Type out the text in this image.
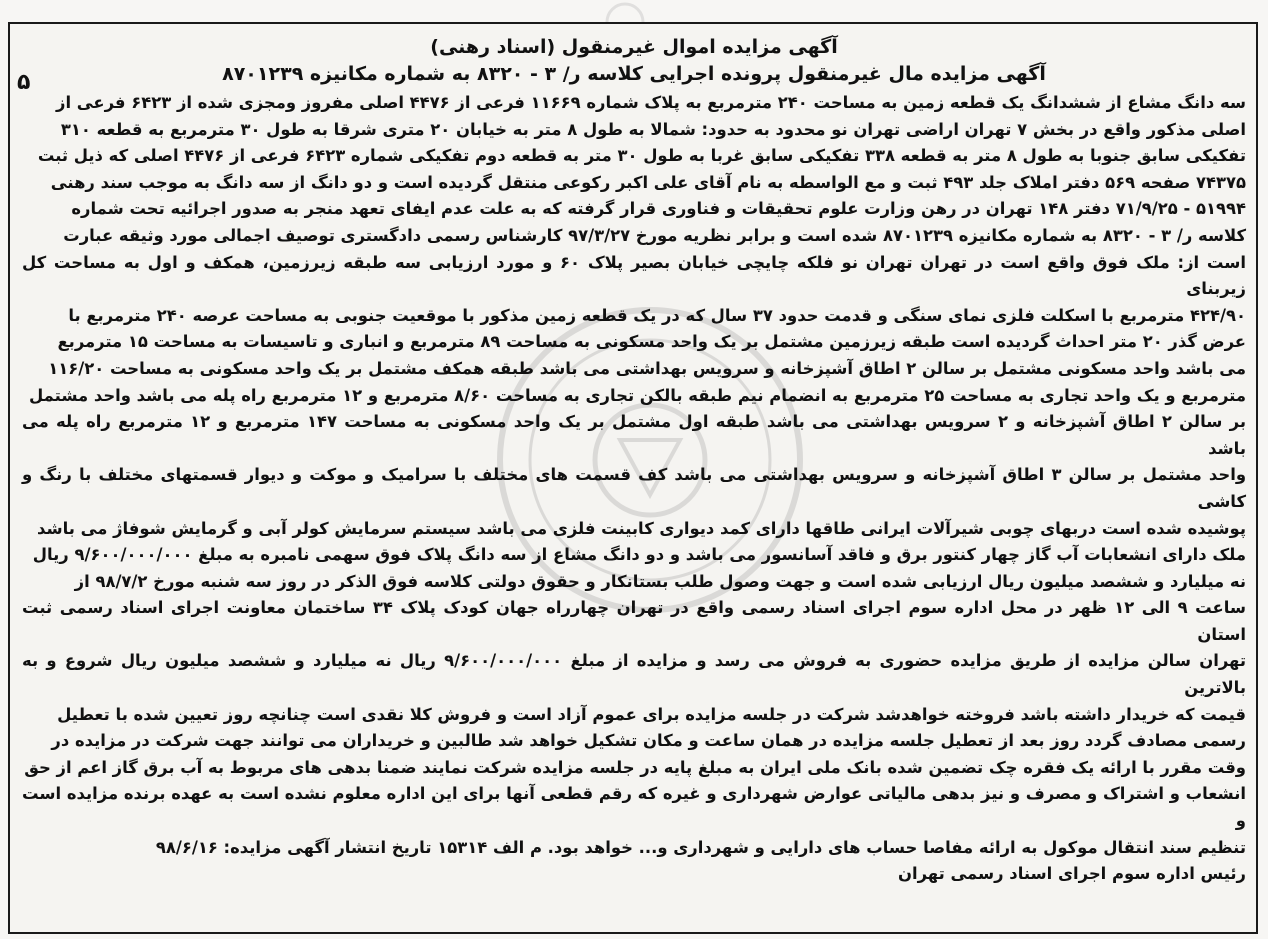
۵

آگهی مزایده اموال غیرمنقول (اسناد رهنی)

آگهی مزایده مال غیرمنقول پرونده اجرایی کلاسه ر/ ۳ - ۸۳۲۰ به شماره مکانیزه ۸۷۰۱۲۳۹

سه دانگ مشاع از ششدانگ یک قطعه زمین به مساحت ۲۴۰ مترمربع به پلاک شماره ۱۱۶۶۹ فرعی از ۴۴۷۶ اصلی مفروز ومجزی شده از ۶۴۲۳ فرعی از
اصلی مذکور واقع در بخش ۷ تهران اراضی تهران نو محدود به حدود: شمالا به طول ۸ متر به خیابان ۲۰ متری شرقا به طول ۳۰ مترمربع به قطعه ۳۱۰
تفکیکی سابق جنوبا به طول ۸ متر به قطعه ۳۳۸ تفکیکی سابق غربا به طول ۳۰ متر به قطعه دوم تفکیکی شماره ۶۴۲۳ فرعی از ۴۴۷۶ اصلی که ذیل ثبت
۷۴۳۷۵ صفحه ۵۶۹ دفتر املاک جلد ۴۹۳ ثبت و مع الواسطه به نام آقای علی اکبر رکوعی منتقل گردیده است و دو دانگ از سه دانگ به موجب سند رهنی
۵۱۹۹۴ - ۷۱/۹/۲۵ دفتر ۱۴۸ تهران در رهن وزارت علوم تحقیقات و فناوری قرار گرفته که به علت عدم ایفای تعهد منجر به صدور اجرائیه تحت شماره
کلاسه ر/ ۳ - ۸۳۲۰ به شماره مکانیزه ۸۷۰۱۲۳۹ شده است و برابر نظریه مورخ ۹۷/۳/۲۷ کارشناس رسمی دادگستری توصیف اجمالی مورد وثیقه عبارت
است از: ملک فوق واقع است در تهران تهران نو فلکه چایچی خیابان بصیر پلاک ۶۰ و مورد ارزیابی سه طبقه زیرزمین، همکف و اول به مساحت کل زیربنای
۴۲۴/۹۰ مترمربع با اسکلت فلزی نمای سنگی و قدمت حدود ۳۷ سال که در یک قطعه زمین مذکور با موقعیت جنوبی به مساحت عرصه ۲۴۰ مترمربع با
عرض گذر ۲۰ متر احداث گردیده است طبقه زیرزمین مشتمل بر یک واحد مسکونی به مساحت ۸۹ مترمربع و انباری و تاسیسات به مساحت ۱۵ مترمربع
می باشد واحد مسکونی مشتمل بر سالن ۲ اطاق آشپزخانه و سرویس بهداشتی می باشد طبقه همکف مشتمل بر یک واحد مسکونی به مساحت ۱۱۶/۲۰
مترمربع و یک واحد تجاری به مساحت ۲۵ مترمربع به انضمام نیم طبقه بالکن تجاری به مساحت ۸/۶۰ مترمربع و ۱۲ مترمربع راه پله می باشد واحد مشتمل
بر سالن ۲ اطاق آشپزخانه و ۲ سرویس بهداشتی می باشد طبقه اول مشتمل بر یک واحد مسکونی به مساحت ۱۴۷ مترمربع و ۱۲ مترمربع راه پله می باشد
واحد مشتمل بر سالن ۳ اطاق آشپزخانه و سرویس بهداشتی می باشد کف قسمت های مختلف با سرامیک و موکت و دیوار قسمتهای مختلف با رنگ و کاشی
پوشیده شده است دربهای چوبی شیرآلات ایرانی طاقها دارای کمد دیواری کابینت فلزی می باشد سیستم سرمایش کولر آبی و گرمایش شوفاژ می باشد
ملک دارای انشعابات آب گاز چهار کنتور برق و فاقد آسانسور می باشد و دو دانگ مشاع از سه دانگ پلاک فوق سهمی نامبره به مبلغ ۹/۶۰۰/۰۰۰/۰۰۰ ریال
نه میلیارد و ششصد میلیون ریال ارزیابی شده است و جهت وصول طلب بستانکار و حقوق دولتی کلاسه فوق الذکر در روز سه شنبه مورخ ۹۸/۷/۲ از
ساعت ۹ الی ۱۲ ظهر در محل اداره سوم اجرای اسناد رسمی واقع در تهران چهارراه جهان کودک پلاک ۳۴ ساختمان معاونت اجرای اسناد رسمی ثبت استان
تهران سالن مزایده از طریق مزایده حضوری به فروش می رسد و مزایده از مبلغ ۹/۶۰۰/۰۰۰/۰۰۰ ریال نه میلیارد و ششصد میلیون ریال شروع و به بالاترین
قیمت که خریدار داشته باشد فروخته خواهدشد شرکت در جلسه مزایده برای عموم آزاد است و فروش کلا نقدی است چنانچه روز تعیین شده با تعطیل
رسمی مصادف گردد روز بعد از تعطیل جلسه مزایده در همان ساعت و مکان تشکیل خواهد شد طالبین و خریداران می توانند جهت شرکت در مزایده در
وقت مقرر با ارائه یک فقره چک تضمین شده بانک ملی ایران به مبلغ پایه در جلسه مزایده شرکت نمایند ضمنا بدهی های مربوط به آب برق گاز اعم از حق
انشعاب و اشتراک و مصرف و نیز بدهی مالیاتی عوارض شهرداری و غیره که رقم قطعی آنها برای این اداره معلوم نشده است به عهده برنده مزایده است و
تنظیم سند انتقال موکول به ارائه مفاصا حساب های دارایی و شهرداری و... خواهد بود. م الف ۱۵۳۱۴ تاریخ انتشار آگهی مزایده: ۹۸/۶/۱۶

رئیس اداره سوم اجرای اسناد رسمی تهران
